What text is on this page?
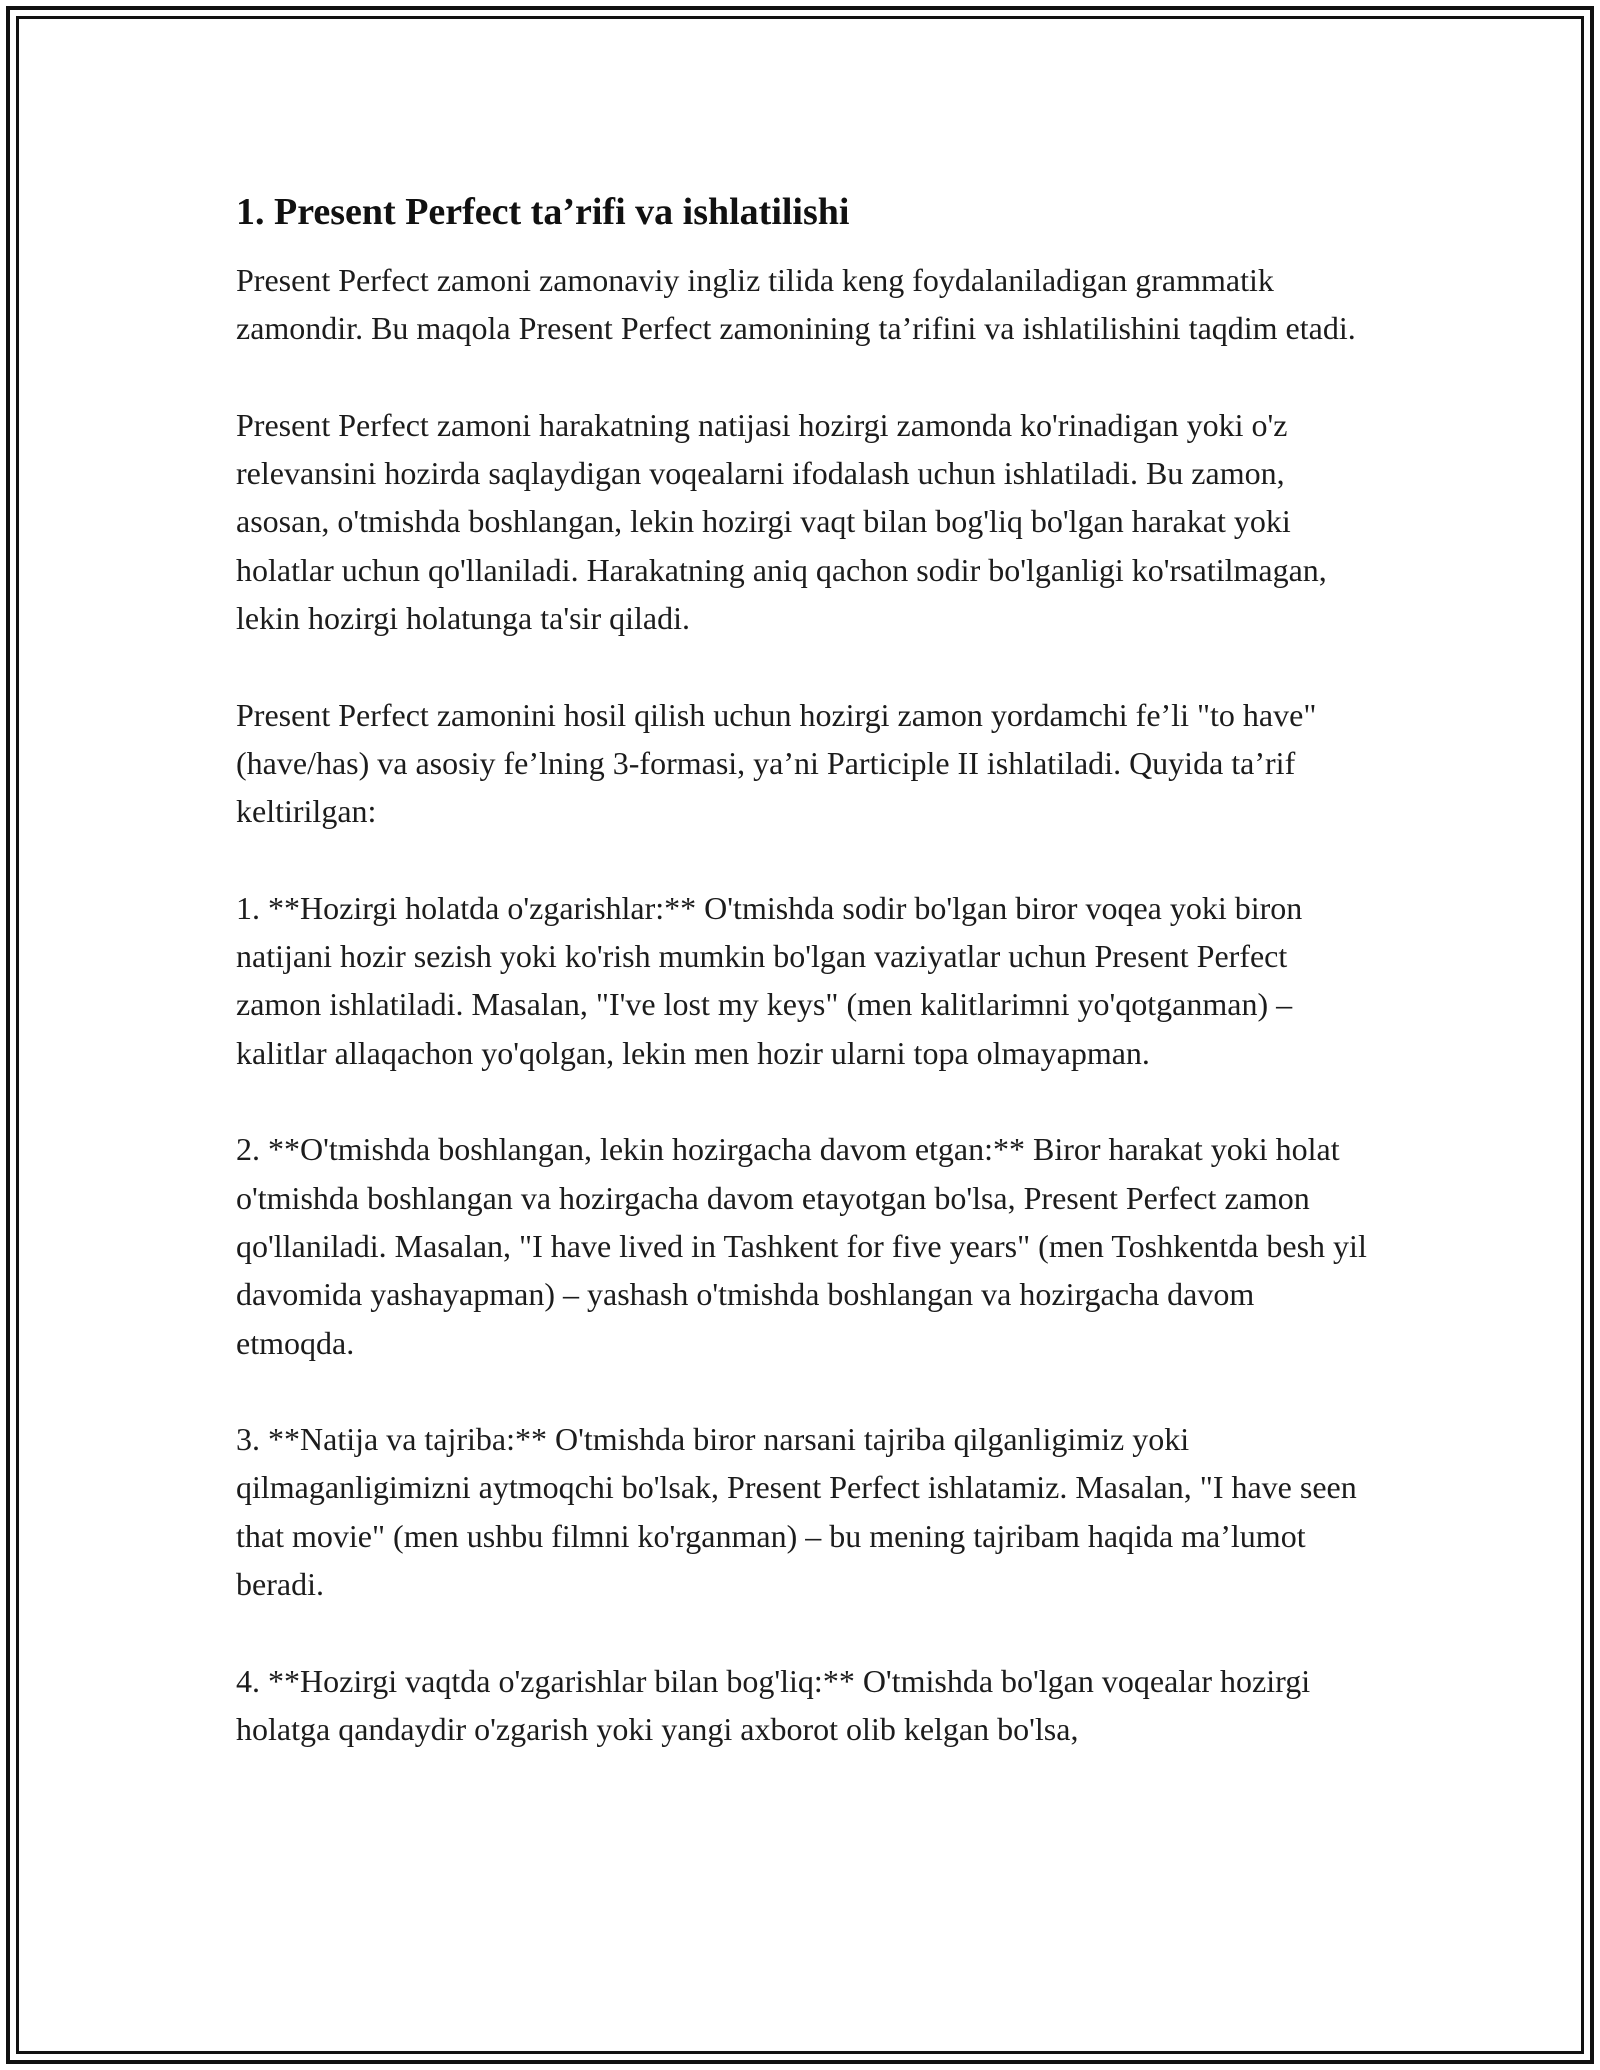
1. Present Perfect ta’rifi va ishlatilishi

Present Perfect zamoni zamonaviy ingliz tilida keng foydalaniladigan grammatik zamondir. Bu maqola Present Perfect zamonining ta’rifini va ishlatilishini taqdim etadi.

Present Perfect zamoni harakatning natijasi hozirgi zamonda ko'rinadigan yoki o'z relevansini hozirda saqlaydigan voqealarni ifodalash uchun ishlatiladi. Bu zamon, asosan, o'tmishda boshlangan, lekin hozirgi vaqt bilan bog'liq bo'lgan harakat yoki holatlar uchun qo'llaniladi. Harakatning aniq qachon sodir bo'lganligi ko'rsatilmagan, lekin hozirgi holatunga ta'sir qiladi.

Present Perfect zamonini hosil qilish uchun hozirgi zamon yordamchi fe’li "to have" (have/has) va asosiy fe’lning 3-formasi, ya’ni Participle II ishlatiladi. Quyida ta’rif keltirilgan:

1. **Hozirgi holatda o'zgarishlar:** O'tmishda sodir bo'lgan biror voqea yoki biron natijani hozir sezish yoki ko'rish mumkin bo'lgan vaziyatlar uchun Present Perfect zamon ishlatiladi. Masalan, "I've lost my keys" (men kalitlarimni yo'qotganman) – kalitlar allaqachon yo'qolgan, lekin men hozir ularni topa olmayapman.

2. **O'tmishda boshlangan, lekin hozirgacha davom etgan:** Biror harakat yoki holat o'tmishda boshlangan va hozirgacha davom etayotgan bo'lsa, Present Perfect zamon qo'llaniladi. Masalan, "I have lived in Tashkent for five years" (men Toshkentda besh yil davomida yashayapman) – yashash o'tmishda boshlangan va hozirgacha davom etmoqda.

3. **Natija va tajriba:** O'tmishda biror narsani tajriba qilganligimiz yoki qilmaganligimizni aytmoqchi bo'lsak, Present Perfect ishlatamiz. Masalan, "I have seen that movie" (men ushbu filmni ko'rganman) – bu mening tajribam haqida ma’lumot beradi.

4. **Hozirgi vaqtda o'zgarishlar bilan bog'liq:** O'tmishda bo'lgan voqealar hozirgi holatga qandaydir o'zgarish yoki yangi axborot olib kelgan bo'lsa,
